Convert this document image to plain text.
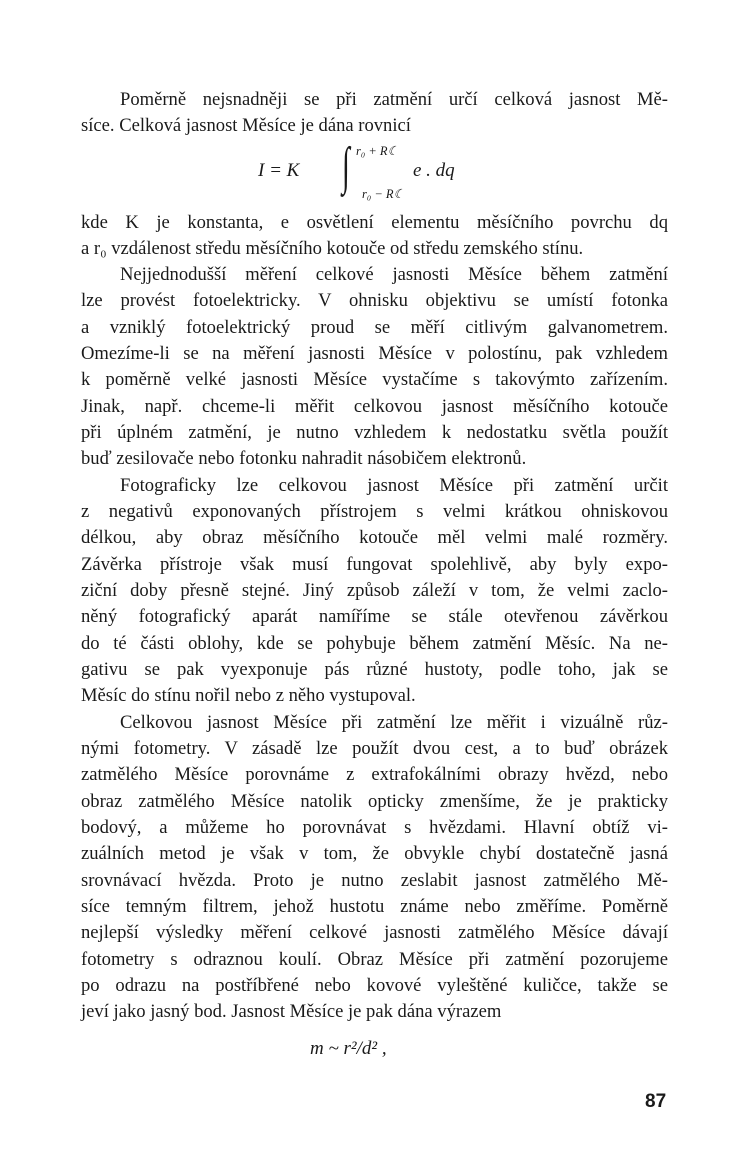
Poměrně nejsnadněji se při zatmění určí celková jasnost Mě-
síce. Celková jasnost Měsíce je dána rovnicí
I = K ∫ r₀ + R☾
r₀ − R☾
e . dq
kde K je konstanta, e osvětlení elementu měsíčního povrchu dq
a r₀ vzdálenost středu měsíčního kotouče od středu zemského stínu.
Nejjednodušší měření celkové jasnosti Měsíce během zatmění
lze provést fotoelektricky. V ohnisku objektivu se umístí fotonka
a vzniklý fotoelektrický proud se měří citlivým galvanometrem.
Omezíme-li se na měření jasnosti Měsíce v polostínu, pak vzhledem
k poměrně velké jasnosti Měsíce vystačíme s takovýmto zařízením.
Jinak, např. chceme-li měřit celkovou jasnost měsíčního kotouče
při úplném zatmění, je nutno vzhledem k nedostatku světla použít
buď zesilovače nebo fotonku nahradit násobičem elektronů.
Fotograficky lze celkovou jasnost Měsíce při zatmění určit
z negativů exponovaných přístrojem s velmi krátkou ohniskovou
délkou, aby obraz měsíčního kotouče měl velmi malé rozměry.
Závěrka přístroje však musí fungovat spolehlivě, aby byly expo-
ziční doby přesně stejné. Jiný způsob záleží v tom, že velmi zaclo-
něný fotografický aparát namíříme se stále otevřenou závěrkou
do té části oblohy, kde se pohybuje během zatmění Měsíc. Na ne-
gativu se pak vyexponuje pás různé hustoty, podle toho, jak se
Měsíc do stínu nořil nebo z něho vystupoval.
Celkovou jasnost Měsíce při zatmění lze měřit i vizuálně růz-
nými fotometry. V zásadě lze použít dvou cest, a to buď obrázek
zatmělého Měsíce porovnáme z extrafokálními obrazy hvězd, nebo
obraz zatmělého Měsíce natolik opticky zmenšíme, že je prakticky
bodový, a můžeme ho porovnávat s hvězdami. Hlavní obtíž vi-
zuálních metod je však v tom, že obvykle chybí dostatečně jasná
srovnávací hvězda. Proto je nutno zeslabit jasnost zatmělého Mě-
síce temným filtrem, jehož hustotu známe nebo změříme. Poměrně
nejlepší výsledky měření celkové jasnosti zatmělého Měsíce dávají
fotometry s odraznou koulí. Obraz Měsíce při zatmění pozorujeme
po odrazu na postříbřené nebo kovové vyleštěné kuličce, takže se
jeví jako jasný bod. Jasnost Měsíce je pak dána výrazem
m ~ r²/d² ,
87
